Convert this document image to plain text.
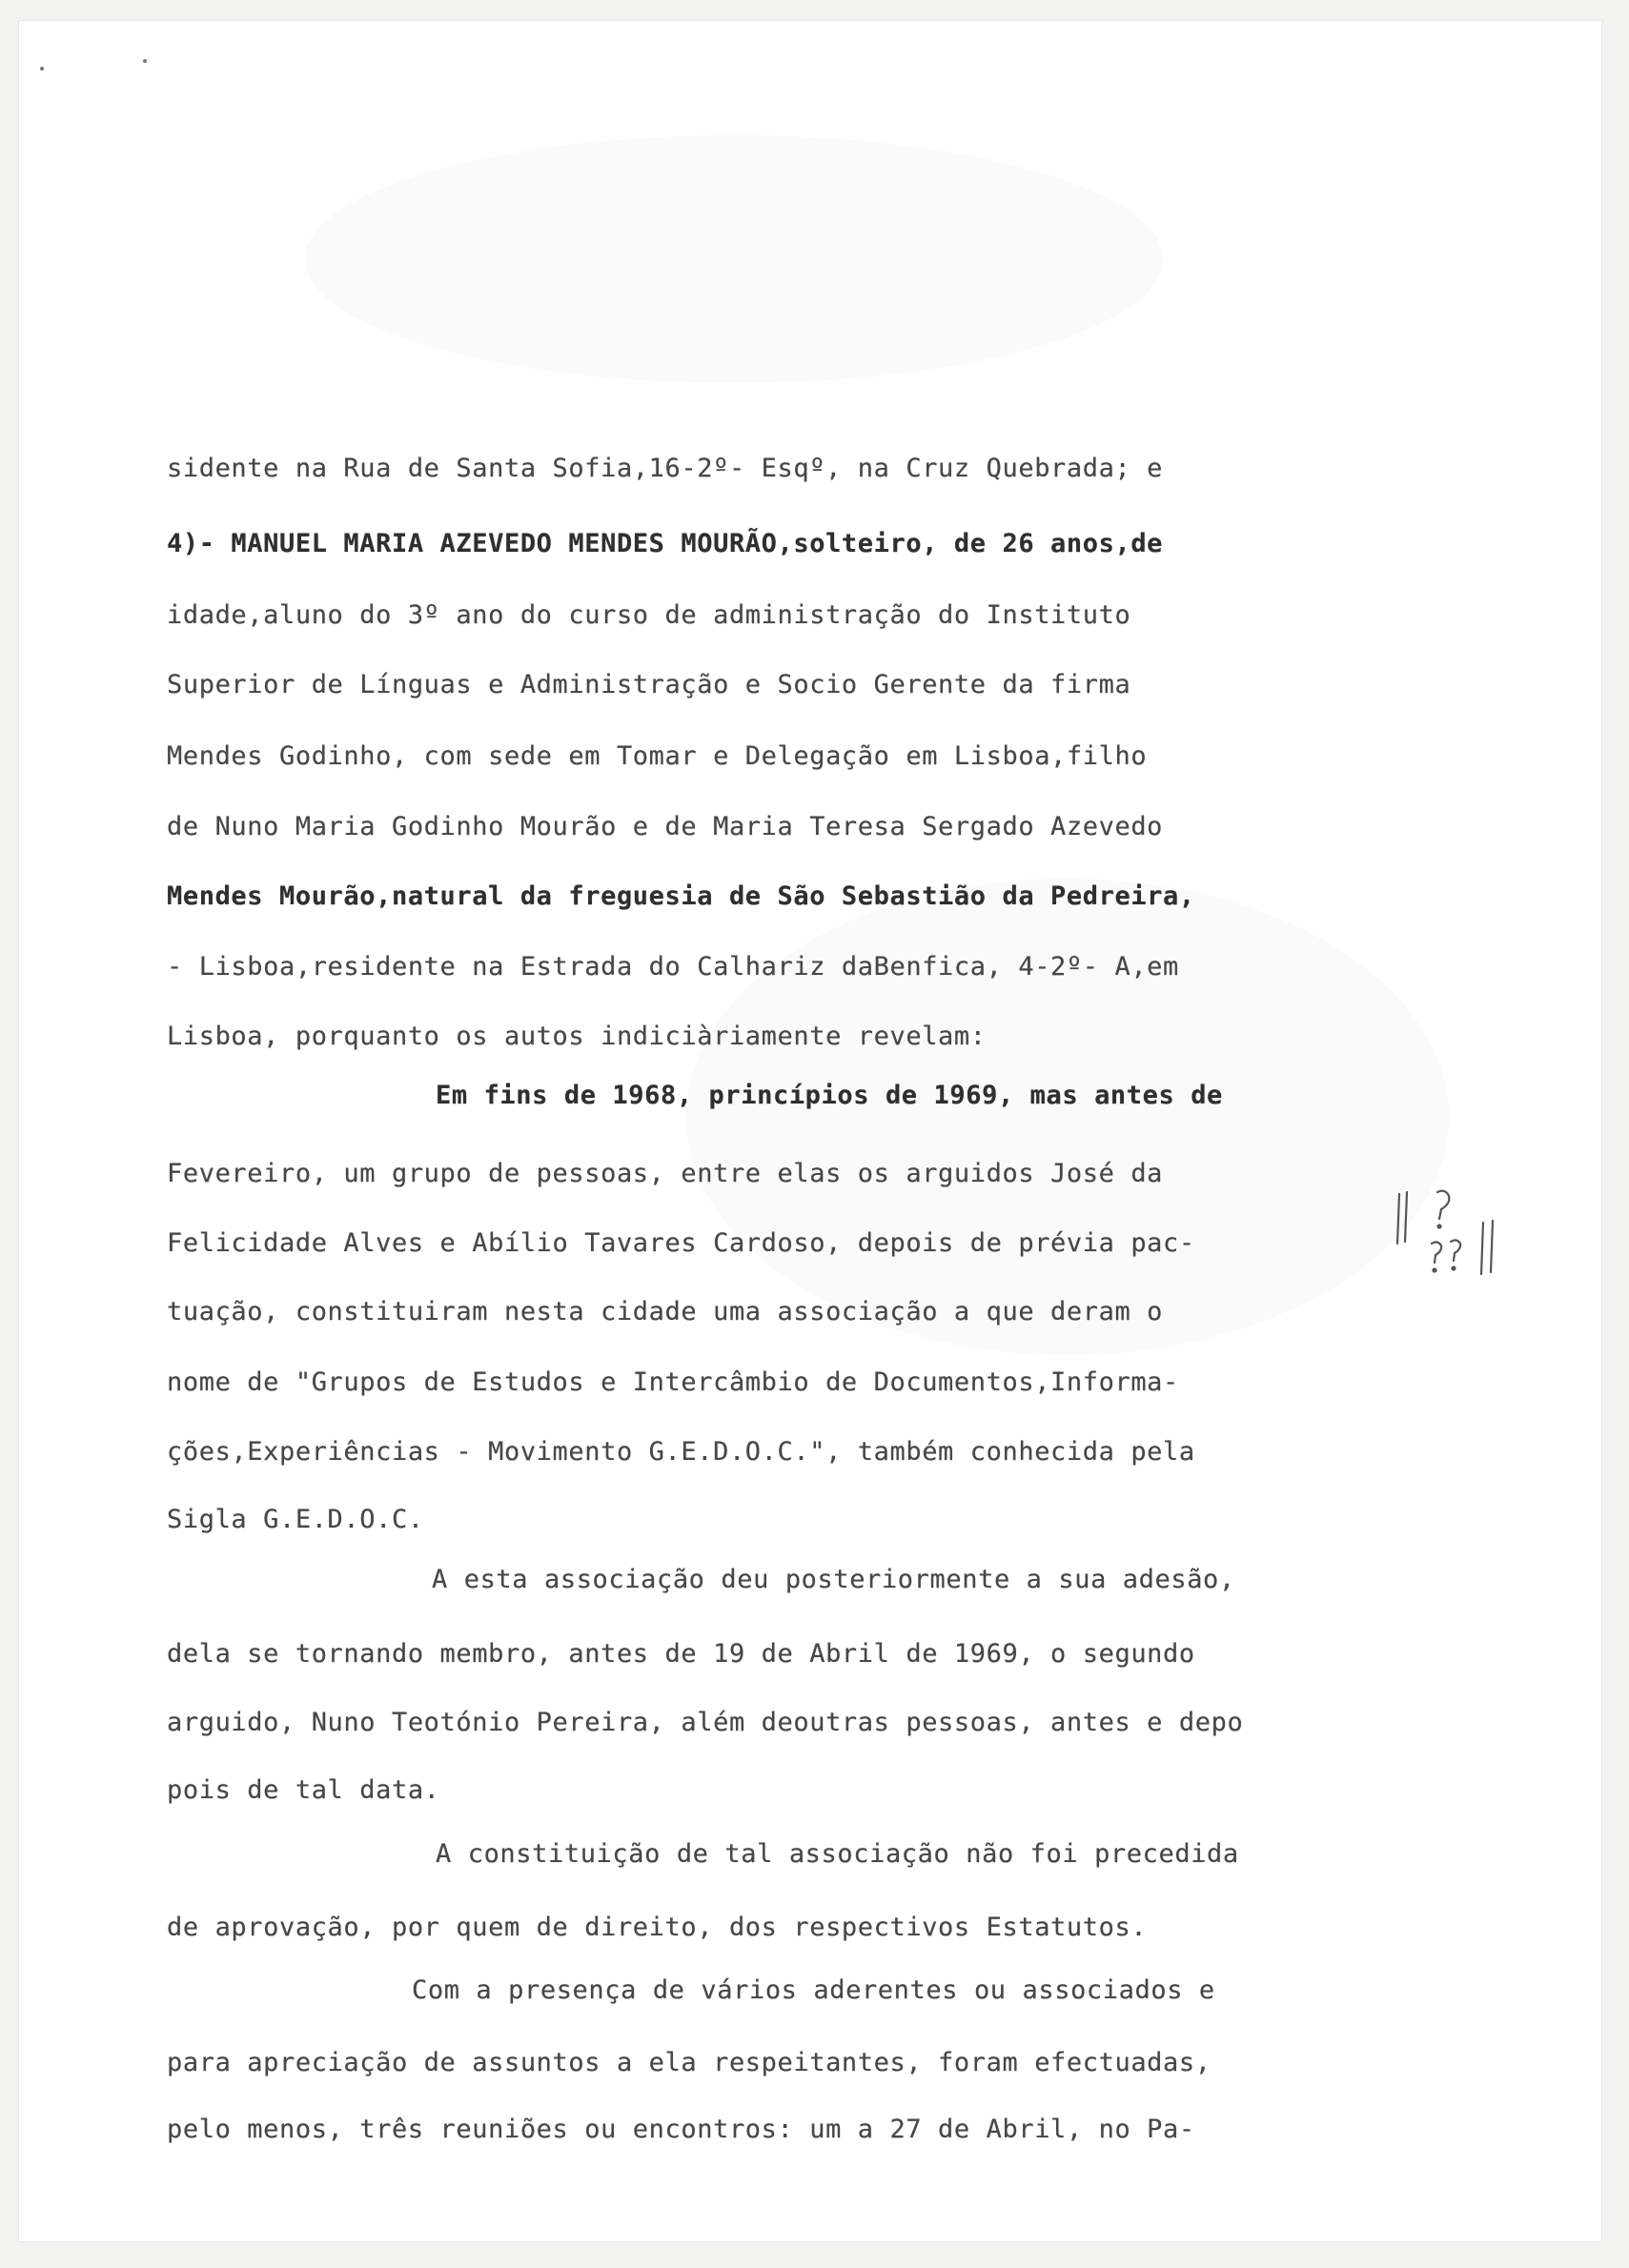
sidente na Rua de Santa Sofia,16-2º- Esqº, na Cruz Quebrada; e
4)- MANUEL MARIA AZEVEDO MENDES MOURÃO,solteiro, de 26 anos,de
idade,aluno do 3º ano do curso de administração do Instituto
Superior de Línguas e Administração e Socio Gerente da firma
Mendes Godinho, com sede em Tomar e Delegação em Lisboa,filho
de Nuno Maria Godinho Mourão e de Maria Teresa Sergado Azevedo
Mendes Mourão,natural da freguesia de São Sebastião da Pedreira,
- Lisboa,residente na Estrada do Calhariz daBenfica, 4-2º- A,em
Lisboa, porquanto os autos indiciàriamente revelam:
Em fins de 1968, princípios de 1969, mas antes de
Fevereiro, um grupo de pessoas, entre elas os arguidos José da
Felicidade Alves e Abílio Tavares Cardoso, depois de prévia pac-
tuação, constituiram nesta cidade uma associação a que deram o
nome de "Grupos de Estudos e Intercâmbio de Documentos,Informa-
ções,Experiências - Movimento G.E.D.O.C.", também conhecida pela
Sigla G.E.D.O.C.
A esta associação deu posteriormente a sua adesão,
dela se tornando membro, antes de 19 de Abril de 1969, o segundo
arguido, Nuno Teotónio Pereira, além deoutras pessoas, antes e depo
pois de tal data.
A constituição de tal associação não foi precedida
de aprovação, por quem de direito, dos respectivos Estatutos.
Com a presença de vários aderentes ou associados e
para apreciação de assuntos a ela respeitantes, foram efectuadas,
pelo menos, três reuniões ou encontros: um a 27 de Abril, no Pa-
